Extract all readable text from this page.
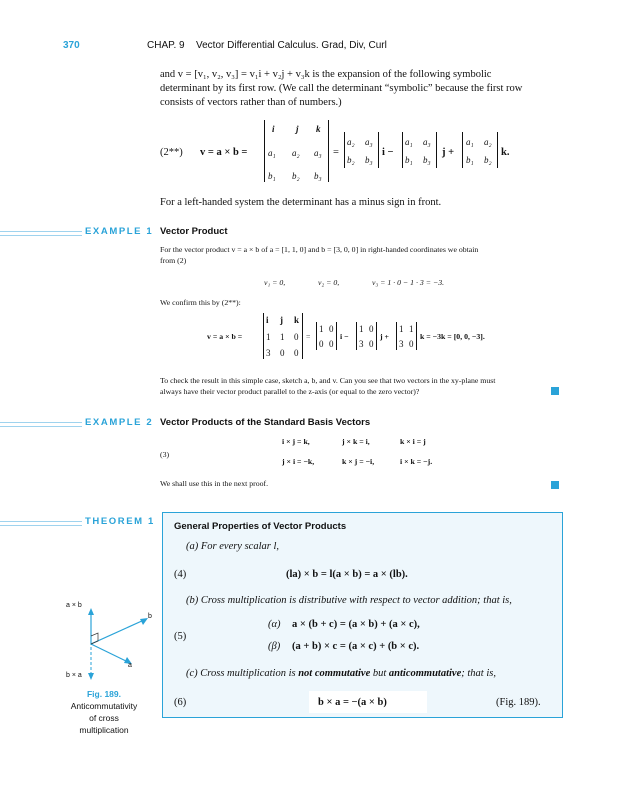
370	CHAP. 9 Vector Differential Calculus. Grad, Div, Curl
and v = [v₁, v₂, v₃] = v₁i + v₂j + v₃k is the expansion of the following symbolic
determinant by its first row. (We call the determinant “symbolic” because the first row
consists of vectors rather than of numbers.)
(2**) v = a × b =
i j k
a₁ a₂ a₃
b₁ b₂ b₃
=
a₂ a₃
b₂ b₃
i −
a₁ a₃
b₁ b₃
j +
a₁ a₂
b₁ b₂
k.
For a left-handed system the determinant has a minus sign in front.
EXAMPLE 1 Vector Product
For the vector product v = a × b of a = [1, 1, 0] and b = [3, 0, 0] in right-handed coordinates we obtain
from (2)
v₁ = 0,	v₂ = 0,	v₃ = 1 · 0 − 1 · 3 = −3.
We confirm this by (2**):
v = a × b =
i j k
1 1 0
3 0 0
=
1 0
0 0
i −
1 0
3 0
j +
1 1
3 0
k = −3k = [0, 0, −3].
To check the result in this simple case, sketch a, b, and v. Can you see that two vectors in the xy-plane must
always have their vector product parallel to the z-axis (or equal to the zero vector)?
EXAMPLE 2 Vector Products of the Standard Basis Vectors
(3)
i × j = k,	j × k = i,	k × i = j
j × i = −k,	k × j = −i,	i × k = −j.
We shall use this in the next proof.
THEOREM 1 General Properties of Vector Products
(a) For every scalar l,
(4)	(la) × b = l(a × b) = a × (lb).
(b) Cross multiplication is distributive with respect to vector addition; that is,
(5)
(α) a × (b + c) = (a × b) + (a × c),
(β) (a + b) × c = (a × c) + (b × c).
(c) Cross multiplication is not commutative but anticommutative; that is,
(6)	b × a = −(a × b)	(Fig. 189).
a × b
b
a
b × a
Fig. 189.
Anticommutativity
of cross
multiplication
